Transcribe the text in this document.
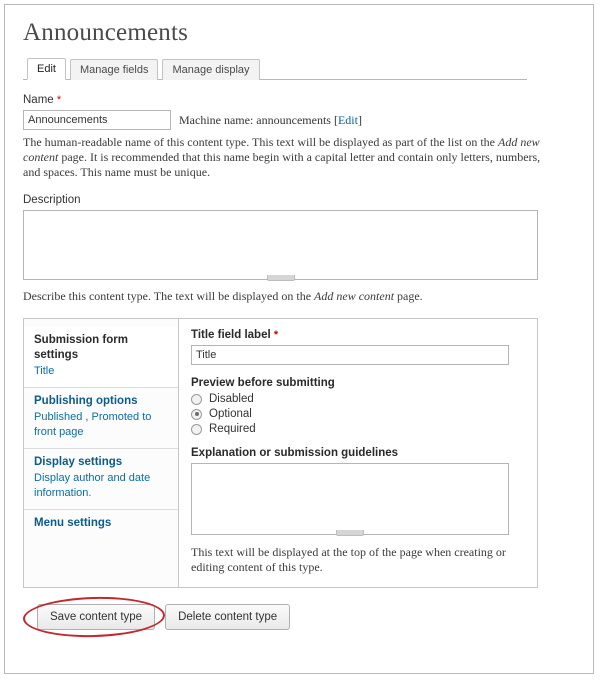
Announcements
Edit	Manage fields	Manage display
Name *
Announcements
Machine name: announcements [Edit]
The human-readable name of this content type. This text will be displayed as part of the list on the Add new content page. It is recommended that this name begin with a capital letter and contain only letters, numbers, and spaces. This name must be unique.
Description
Describe this content type. The text will be displayed on the Add new content page.
Submission form settings
Title
Publishing options
Published , Promoted to front page
Display settings
Display author and date information.
Menu settings
Title field label *
Title
Preview before submitting
Disabled
Optional
Required
Explanation or submission guidelines
This text will be displayed at the top of the page when creating or editing content of this type.
Save content type	Delete content type
